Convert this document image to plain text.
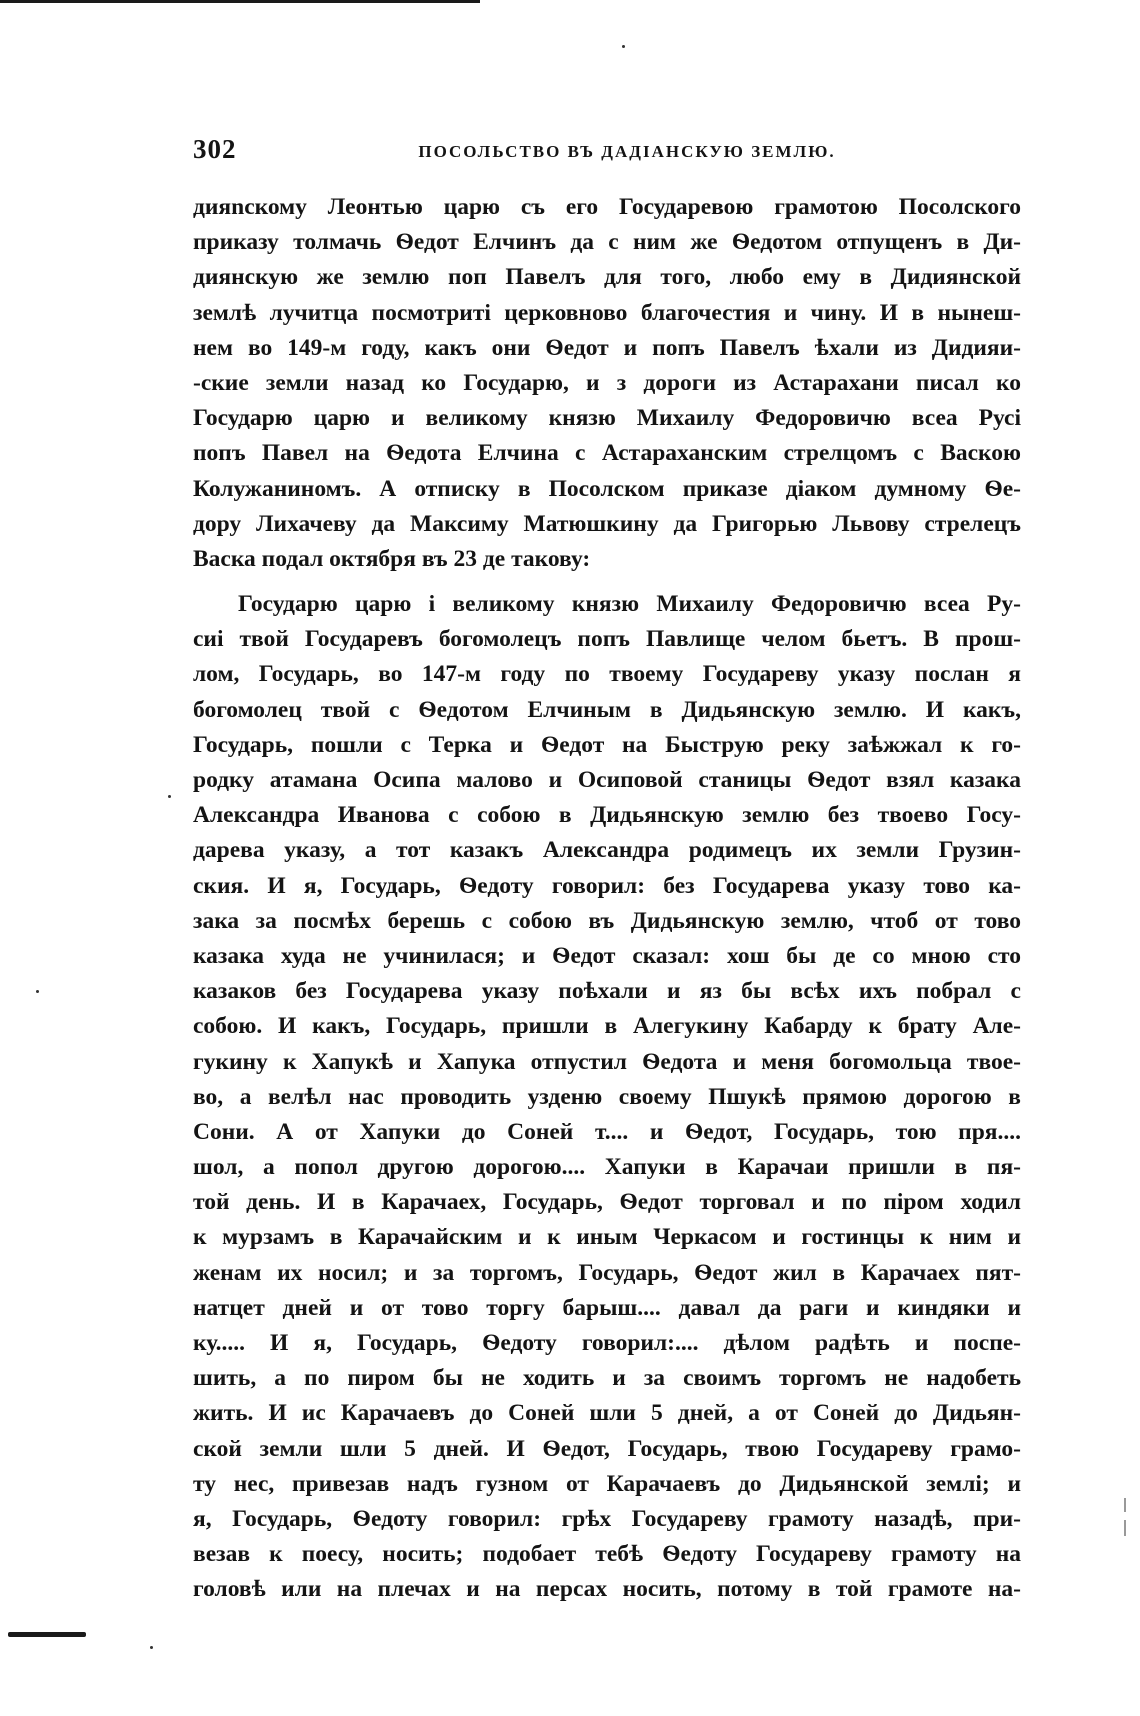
302	ПОСОЛЬСТВО ВЪ ДАДІАНСКУЮ ЗЕМЛЮ.
дияnскому Леонтью царю съ его Государевою грамотою Посолского
приказу толмачь Ѳедот Елчинъ да с ним же Ѳедотом отпущенъ в Ди-
диянскую же землю поп Павелъ для того, любо ему в Дидиянской
землѣ лучитца посмотриті церковново благочестия и чину. И в нынеш-
нем во 149-м году, какъ они Ѳедот и попъ Павелъ ѣхали из Дидияи-
-ские земли назад ко Государю, и з дороги из Астарахани писал ко
Государю царю и великому князю Михаилу Федоровичю всеа Русі
попъ Павел на Ѳедота Елчина с Астараханским стрелцомъ с Васкою
Колужаниномъ. А отписку в Посолском приказе діаком думному Ѳе-
дору Лихачеву да Максиму Матюшкину да Григорью Львову стрелецъ
Васка подал октября въ 23 де такову:
Государю царю і великому князю Михаилу Федоровичю всеа Ру-
сиі твой Государевъ богомолецъ попъ Павлище челом бьетъ. В прош-
лом, Государь, во 147-м году по твоему Государеву указу послан я
богомолец твой с Ѳедотом Елчиным в Дидьянскую землю. И какъ,
Государь, пошли с Терка и Ѳедот на Быструю реку заѣжжал к го-
родку атамана Осипа малово и Осиповой станицы Ѳедот взял казака
Александра Иванова с собою в Дидьянскую землю без твоево Госу-
дарева указу, а тот казакъ Александра родимецъ их земли Грузин-
ския. И я, Государь, Ѳедоту говорил: без Государева указу тово ка-
зака за посмѣх берешь с собою въ Дидьянскую землю, чтоб от тово
казака худа не учинилася; и Ѳедот сказал: хош бы де со мною сто
казаков без Государева указу поѣхали и яз бы всѣх ихъ побрал с
собою. И какъ, Государь, пришли в Алегукину Кабарду к брату Але-
гукину к Хапукѣ и Хапука отпустил Ѳедота и меня богомольца твое-
во, а велѣл нас проводить узденю своему Пшукѣ прямою дорогою в
Сони. А от Хапуки до Соней т.... и Ѳедот, Государь, тою пря....
шол, а попол другою дорогою.... Хапуки в Карачаи пришли в пя-
той день. И в Карачаех, Государь, Ѳедот торговал и по піром ходил
к мурзамъ в Карачайским и к иным Черкасом и гостинцы к ним и
женам их носил; и за торгомъ, Государь, Ѳедот жил в Карачаех пят-
натцет дней и от тово торгу барыш.... давал да раги и киндяки и
ку..... И я, Государь, Ѳедоту говорил:.... дѣлом радѣть и поспе-
шить, а по пиром бы не ходить и за своимъ торгомъ не надобеть
жить. И ис Карачаевъ до Соней шли 5 дней, а от Соней до Дидьян-
ской земли шли 5 дней. И Ѳедот, Государь, твою Государеву грамо-
ту нес, привезав надъ гузном от Карачаевъ до Дидьянской землі; и
я, Государь, Ѳедоту говорил: грѣх Государеву грамоту назадѣ, при-
везав к поесу, носить; подобает тебѣ Ѳедоту Государеву грамоту на
головѣ или на плечах и на персах носить, потому в той грамоте на-
